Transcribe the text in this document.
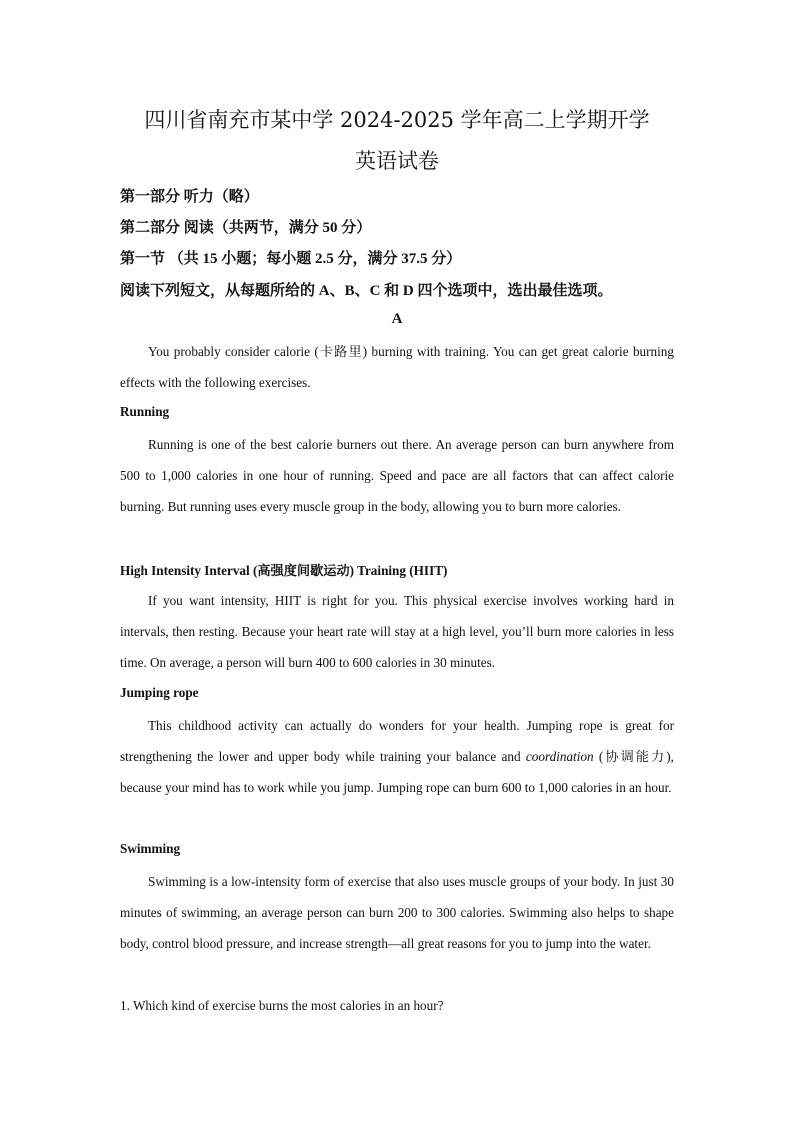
四川省南充市某中学 2024-2025 学年高二上学期开学
英语试卷
第一部分 听力（略）
第二部分 阅读（共两节，满分 50 分）
第一节 （共 15 小题；每小题 2.5 分，满分 37.5 分）
阅读下列短文，从每题所给的 A、B、C 和 D 四个选项中，选出最佳选项。
A

You probably consider calorie (卡路里) burning with training. You can get great calorie burning effects with the following exercises.

Running

Running is one of the best calorie burners out there. An average person can burn anywhere from 500 to 1,000 calories in one hour of running. Speed and pace are all factors that can affect calorie burning. But running uses every muscle group in the body, allowing you to burn more calories.

High Intensity Interval (高强度间歇运动) Training (HIIT)

If you want intensity, HIIT is right for you. This physical exercise involves working hard in intervals, then resting. Because your heart rate will stay at a high level, you’ll burn more calories in less time. On average, a person will burn 400 to 600 calories in 30 minutes.

Jumping rope

This childhood activity can actually do wonders for your health. Jumping rope is great for strengthening the lower and upper body while training your balance and coordination (协调能力), because your mind has to work while you jump. Jumping rope can burn 600 to 1,000 calories in an hour.

Swimming

Swimming is a low-intensity form of exercise that also uses muscle groups of your body. In just 30 minutes of swimming, an average person can burn 200 to 300 calories. Swimming also helps to shape body, control blood pressure, and increase strength—all great reasons for you to jump into the water.

1. Which kind of exercise burns the most calories in an hour?
